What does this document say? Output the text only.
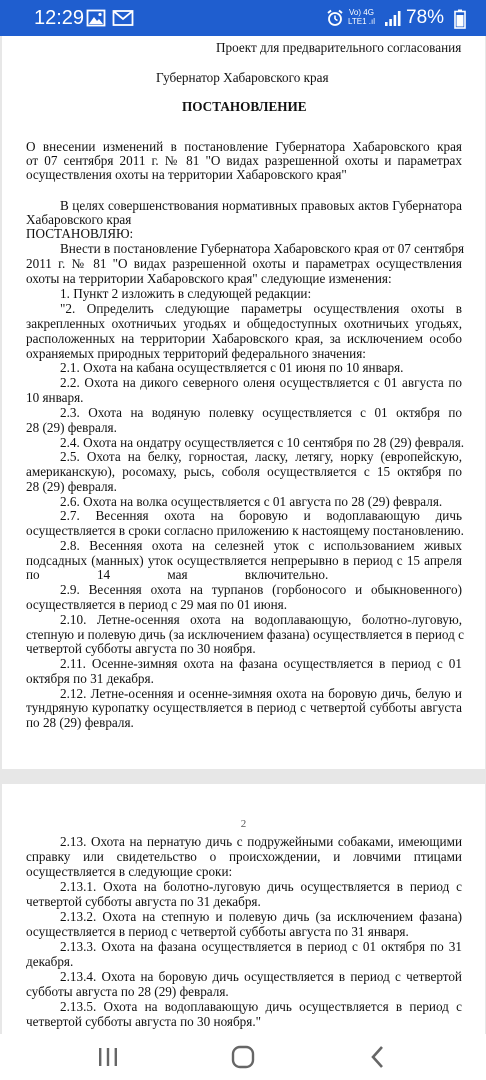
12:29	Vo) 4G
LTE1 .ıl 78%
Проект для предварительного согласования
Губернатор Хабаровского края
ПОСТАНОВЛЕНИЕ
О внесении изменений в постановление Губернатора Хабаровского края
от 07 сентября 2011 г. № 81 "О видах разрешенной охоты и параметрах
осуществления охоты на территории Хабаровского края"
В целях совершенствования нормативных правовых актов Губернатора
Хабаровского края
ПОСТАНОВЛЯЮ:
Внести в постановление Губернатора Хабаровского края от 07 сентября
2011 г. № 81 "О видах разрешенной охоты и параметрах осуществления
охоты на территории Хабаровского края" следующие изменения:
1. Пункт 2 изложить в следующей редакции:
"2. Определить следующие параметры осуществления охоты в
закрепленных охотничьих угодьях и общедоступных охотничьих угодьях,
расположенных на территории Хабаровского края, за исключением особо
охраняемых природных территорий федерального значения:
2.1. Охота на кабана осуществляется с 01 июня по 10 января.
2.2. Охота на дикого северного оленя осуществляется с 01 августа по
10 января.
2.3. Охота на водяную полевку осуществляется с 01 октября по
28 (29) февраля.
2.4. Охота на ондатру осуществляется с 10 сентября по 28 (29) февраля.
2.5. Охота на белку, горностая, ласку, летягу, норку (европейскую,
американскую), росомаху, рысь, соболя осуществляется с 15 октября по
28 (29) февраля.
2.6. Охота на волка осуществляется с 01 августа по 28 (29) февраля.
2.7. Весенняя охота на боровую и водоплавающую дичь
осуществляется в сроки согласно приложению к настоящему постановлению.
2.8. Весенняя охота на селезней уток с использованием живых
подсадных (манных) уток осуществляется непрерывно в период с 15 апреля
по 14 мая включительно.
2.9. Весенняя охота на турпанов (горбоносого и обыкновенного)
осуществляется в период с 29 мая по 01 июня.
2.10. Летне-осенняя охота на водоплавающую, болотно-луговую,
степную и полевую дичь (за исключением фазана) осуществляется в период с
четвертой субботы августа по 30 ноября.
2.11. Осенне-зимняя охота на фазана осуществляется в период с 01
октября по 31 декабря.
2.12. Летне-осенняя и осенне-зимняя охота на боровую дичь, белую и
тундряную куропатку осуществляется в период с четвертой субботы августа
по 28 (29) февраля.
2
2.13. Охота на пернатую дичь с подружейными собаками, имеющими
справку или свидетельство о происхождении, и ловчими птицами
осуществляется в следующие сроки:
2.13.1. Охота на болотно-луговую дичь осуществляется в период с
четвертой субботы августа по 31 декабря.
2.13.2. Охота на степную и полевую дичь (за исключением фазана)
осуществляется в период с четвертой субботы августа по 31 января.
2.13.3. Охота на фазана осуществляется в период с 01 октября по 31
декабря.
2.13.4. Охота на боровую дичь осуществляется в период с четвертой
субботы августа по 28 (29) февраля.
2.13.5. Охота на водоплавающую дичь осуществляется в период с
четвертой субботы августа по 30 ноября."
